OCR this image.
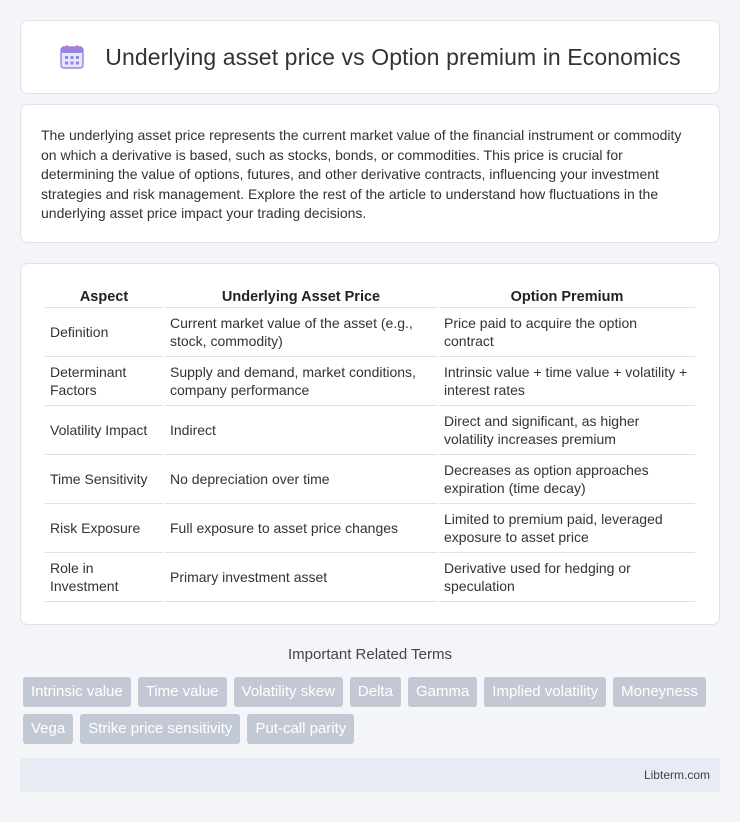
Underlying asset price vs Option premium in Economics

The underlying asset price represents the current market value of the financial instrument or commodity on which a derivative is based, such as stocks, bonds, or commodities. This price is crucial for determining the value of options, futures, and other derivative contracts, influencing your investment strategies and risk management. Explore the rest of the article to understand how fluctuations in the underlying asset price impact your trading decisions.

Aspect	Underlying Asset Price	Option Premium
Definition	Current market value of the asset (e.g., stock, commodity)	Price paid to acquire the option contract
Determinant Factors	Supply and demand, market conditions, company performance	Intrinsic value + time value + volatility + interest rates
Volatility Impact	Indirect	Direct and significant, as higher volatility increases premium
Time Sensitivity	No depreciation over time	Decreases as option approaches expiration (time decay)
Risk Exposure	Full exposure to asset price changes	Limited to premium paid, leveraged exposure to asset price
Role in Investment	Primary investment asset	Derivative used for hedging or speculation
Important Related Terms
Intrinsic value	Time value	Volatility skew	Delta	Gamma	Implied volatility	Moneyness
Vega	Strike price sensitivity	Put-call parity
Libterm.com
